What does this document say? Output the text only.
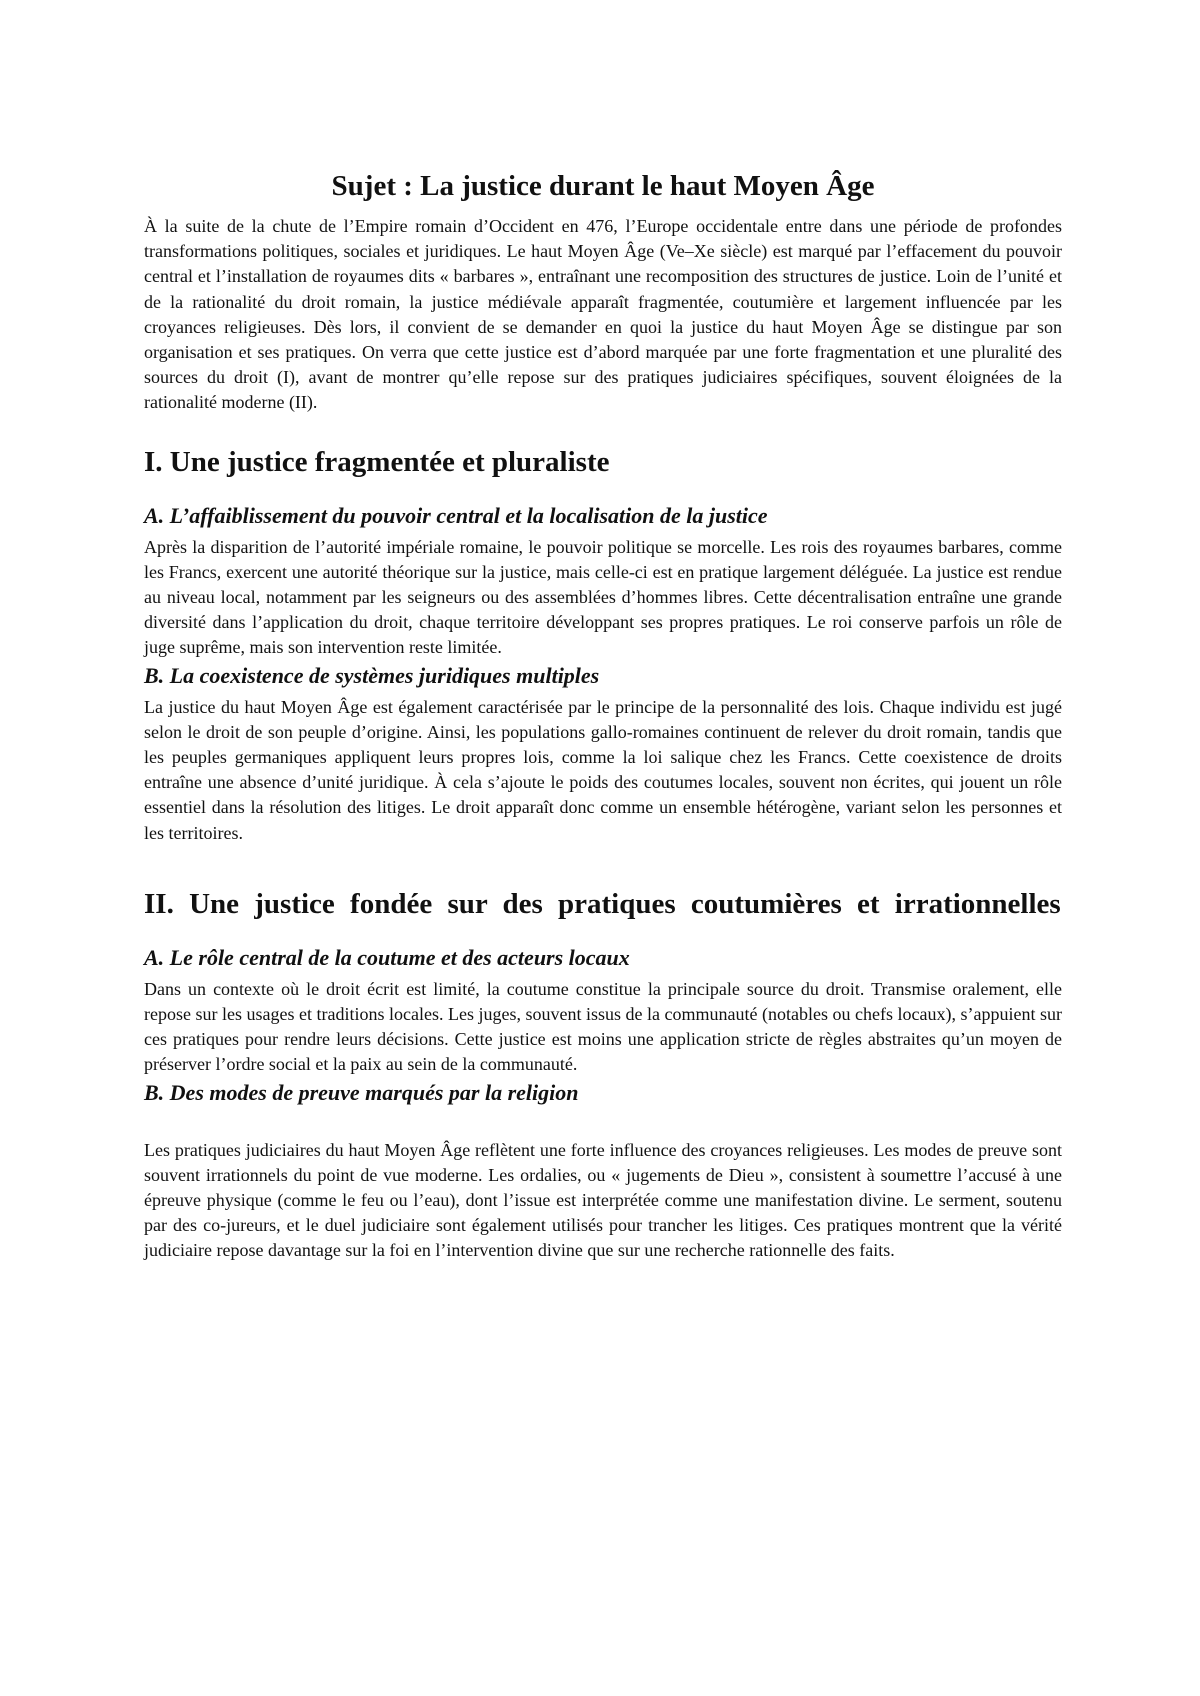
Sujet : La justice durant le haut Moyen Âge

À la suite de la chute de l’Empire romain d’Occident en 476, l’Europe occidentale entre dans une période de profondes transformations politiques, sociales et juridiques. Le haut Moyen Âge (Ve–Xe siècle) est marqué par l’effacement du pouvoir central et l’installation de royaumes dits « barbares », entraînant une recomposition des structures de justice. Loin de l’unité et de la rationalité du droit romain, la justice médiévale apparaît fragmentée, coutumière et largement influencée par les croyances religieuses. Dès lors, il convient de se demander en quoi la justice du haut Moyen Âge se distingue par son organisation et ses pratiques. On verra que cette justice est d’abord marquée par une forte fragmentation et une pluralité des sources du droit (I), avant de montrer qu’elle repose sur des pratiques judiciaires spécifiques, souvent éloignées de la rationalité moderne (II).

I. Une justice fragmentée et pluraliste
A. L’affaiblissement du pouvoir central et la localisation de la justice

Après la disparition de l’autorité impériale romaine, le pouvoir politique se morcelle. Les rois des royaumes barbares, comme les Francs, exercent une autorité théorique sur la justice, mais celle-ci est en pratique largement déléguée. La justice est rendue au niveau local, notamment par les seigneurs ou des assemblées d’hommes libres. Cette décentralisation entraîne une grande diversité dans l’application du droit, chaque territoire développant ses propres pratiques. Le roi conserve parfois un rôle de juge suprême, mais son intervention reste limitée.

B. La coexistence de systèmes juridiques multiples

La justice du haut Moyen Âge est également caractérisée par le principe de la personnalité des lois. Chaque individu est jugé selon le droit de son peuple d’origine. Ainsi, les populations gallo-romaines continuent de relever du droit romain, tandis que les peuples germaniques appliquent leurs propres lois, comme la loi salique chez les Francs. Cette coexistence de droits entraîne une absence d’unité juridique. À cela s’ajoute le poids des coutumes locales, souvent non écrites, qui jouent un rôle essentiel dans la résolution des litiges. Le droit apparaît donc comme un ensemble hétérogène, variant selon les personnes et les territoires.

II. Une justice fondée sur des pratiques coutumières et irrationnelles
A. Le rôle central de la coutume et des acteurs locaux

Dans un contexte où le droit écrit est limité, la coutume constitue la principale source du droit. Transmise oralement, elle repose sur les usages et traditions locales. Les juges, souvent issus de la communauté (notables ou chefs locaux), s’appuient sur ces pratiques pour rendre leurs décisions. Cette justice est moins une application stricte de règles abstraites qu’un moyen de préserver l’ordre social et la paix au sein de la communauté.

B. Des modes de preuve marqués par la religion

Les pratiques judiciaires du haut Moyen Âge reflètent une forte influence des croyances religieuses. Les modes de preuve sont souvent irrationnels du point de vue moderne. Les ordalies, ou « jugements de Dieu », consistent à soumettre l’accusé à une épreuve physique (comme le feu ou l’eau), dont l’issue est interprétée comme une manifestation divine. Le serment, soutenu par des co-jureurs, et le duel judiciaire sont également utilisés pour trancher les litiges. Ces pratiques montrent que la vérité judiciaire repose davantage sur la foi en l’intervention divine que sur une recherche rationnelle des faits.
